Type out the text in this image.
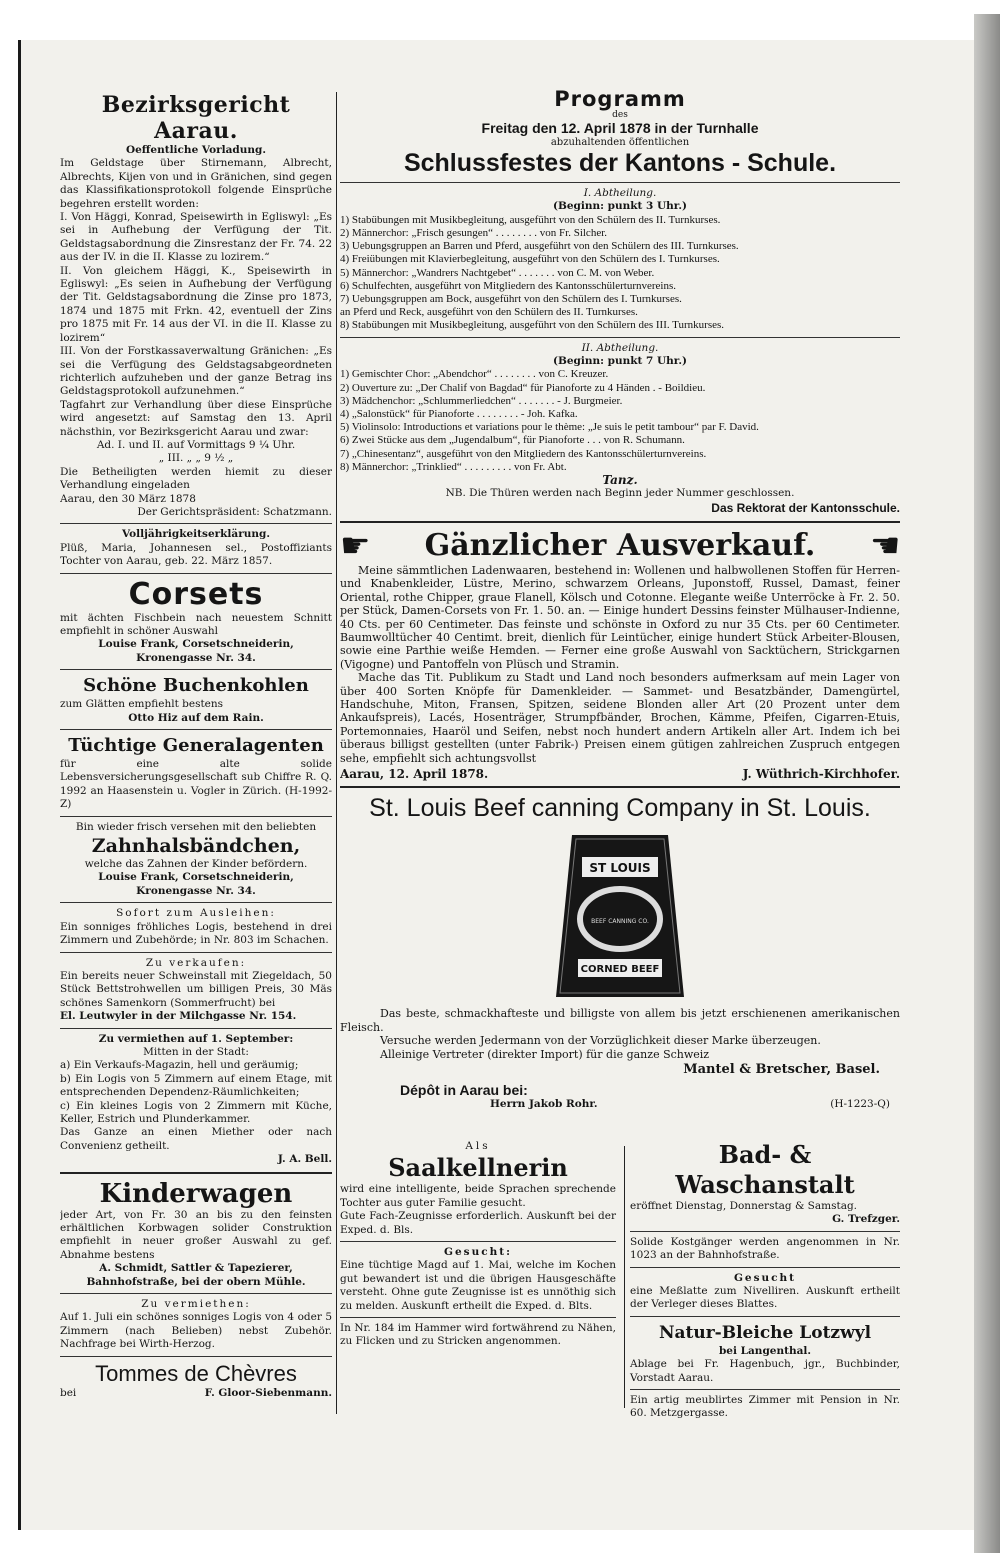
Bezirksgericht Aarau.

Oeffentliche Vorladung.

Im Geldstage über Stirnemann, Albrecht, Albrechts, Kijen von und in Gränichen, sind gegen das Klassifikationsprotokoll folgende Einsprüche begehren erstellt worden:

I. Von Häggi, Konrad, Speisewirth in Egliswyl: „Es sei in Aufhebung der Verfügung der Tit. Geldstagsabordnung die Zinsrestanz der Fr. 74. 22 aus der IV. in die II. Klasse zu lozirem.“

II. Von gleichem Häggi, K., Speisewirth in Egliswyl: „Es seien in Aufhebung der Verfügung der Tit. Geldstagsabordnung die Zinse pro 1873, 1874 und 1875 mit Frkn. 42, eventuell der Zins pro 1875 mit Fr. 14 aus der VI. in die II. Klasse zu lozirem“

III. Von der Forstkassaverwaltung Gränichen: „Es sei die Verfügung des Geldstagsabgeordneten richterlich aufzuheben und der ganze Betrag ins Geldstagsprotokoll aufzunehmen.“

Tagfahrt zur Verhandlung über diese Einsprüche wird angesetzt: auf Samstag den 13. April nächsthin, vor Bezirksgericht Aarau und zwar:

Ad. I. und II. auf Vormittags 9 ¼ Uhr.

„ III. „ „ 9 ½ „

Die Betheiligten werden hiemit zu dieser Verhandlung eingeladen

Aarau, den 30 März 1878

Der Gerichtspräsident: Schatzmann.

Volljährigkeitserklärung.

Plüß, Maria, Johannesen sel., Postoffiziants Tochter von Aarau, geb. 22. März 1857.

Corsets

mit ächten Fischbein nach neuestem Schnitt empfiehlt in schöner Auswahl

Louise Frank, Corsetschneiderin, Kronengasse Nr. 34.

Schöne Buchenkohlen

zum Glätten empfiehlt bestens

Otto Hiz auf dem Rain.

Tüchtige Generalagenten

für eine alte solide Lebensversicherungsgesellschaft sub Chiffre R. Q. 1992 an Haasenstein u. Vogler in Zürich. (H-1992-Z)

Bin wieder frisch versehen mit den beliebten

Zahnhalsbändchen,

welche das Zahnen der Kinder befördern.

Louise Frank, Corsetschneiderin, Kronengasse Nr. 34.

Sofort zum Ausleihen:

Ein sonniges fröhliches Logis, bestehend in drei Zimmern und Zubehörde; in Nr. 803 im Schachen.

Zu verkaufen:

Ein bereits neuer Schweinstall mit Ziegeldach, 50 Stück Bettstrohwellen um billigen Preis, 30 Mäs schönes Samenkorn (Sommerfrucht) bei

El. Leutwyler in der Milchgasse Nr. 154.

Zu vermiethen auf 1. September:

Mitten in der Stadt:

a) Ein Verkaufs-Magazin, hell und geräumig;

b) Ein Logis von 5 Zimmern auf einem Etage, mit entsprechenden Dependenz-Räumlichkeiten;

c) Ein kleines Logis von 2 Zimmern mit Küche, Keller, Estrich und Plunderkammer.

Das Ganze an einen Miether oder nach Convenienz getheilt.

J. A. Bell.

Kinderwagen

jeder Art, von Fr. 30 an bis zu den feinsten erhältlichen Korbwagen solider Construktion empfiehlt in neuer großer Auswahl zu gef. Abnahme bestens

A. Schmidt, Sattler & Tapezierer, Bahnhofstraße, bei der obern Mühle.

Zu vermiethen:

Auf 1. Juli ein schönes sonniges Logis von 4 oder 5 Zimmern (nach Belieben) nebst Zubehör. Nachfrage bei Wirth-Herzog.

Tommes de Chèvres

bei	F. Gloor-Siebenmann.

Programm

des

Freitag den 12. April 1878 in der Turnhalle

abzuhaltenden öffentlichen

Schlussfestes der Kantons - Schule.

I. Abtheilung.

(Beginn: punkt 3 Uhr.)

1) Stabübungen mit Musikbegleitung, ausgeführt von den Schülern des II. Turnkurses.
2) Männerchor: „Frisch gesungen“ . . . . . . . . von Fr. Silcher.
3) Uebungsgruppen an Barren und Pferd, ausgeführt von den Schülern des III. Turnkurses.
4) Freiübungen mit Klavierbegleitung, ausgeführt von den Schülern des I. Turnkurses.
5) Männerchor: „Wandrers Nachtgebet“ . . . . . . . von C. M. von Weber.
6) Schulfechten, ausgeführt von Mitgliedern des Kantonsschülerturnvereins.
7) Uebungsgruppen am Bock, ausgeführt von den Schülern des I. Turnkurses.
an Pferd und Reck, ausgeführt von den Schülern des II. Turnkurses.
8) Stabübungen mit Musikbegleitung, ausgeführt von den Schülern des III. Turnkurses.

II. Abtheilung.

(Beginn: punkt 7 Uhr.)

1) Gemischter Chor: „Abendchor“ . . . . . . . . von C. Kreuzer.
2) Ouverture zu: „Der Chalif von Bagdad“ für Pianoforte zu 4 Händen . - Boildieu.
3) Mädchenchor: „Schlummerliedchen“ . . . . . . . - J. Burgmeier.
4) „Salonstück“ für Pianoforte . . . . . . . . - Joh. Kafka.
5) Violinsolo: Introductions et variations pour le thème: „Je suis le petit tambour“ par F. David.
6) Zwei Stücke aus dem „Jugendalbum“, für Pianoforte . . . von R. Schumann.
7) „Chinesentanz“, ausgeführt von den Mitgliedern des Kantonsschülerturnvereins.
8) Männerchor: „Trinklied“ . . . . . . . . . von Fr. Abt.

Tanz.

NB. Die Thüren werden nach Beginn jeder Nummer geschlossen.

Das Rektorat der Kantonsschule.

☛ Gänzlicher Ausverkauf. ☛

Meine sämmtlichen Ladenwaaren, bestehend in: Wollenen und halbwollenen Stoffen für Herren- und Knabenkleider, Lüstre, Merino, schwarzem Orleans, Juponstoff, Russel, Damast, feiner Oriental, rothe Chipper, graue Flanell, Kölsch und Cotonne. Elegante weiße Unterröcke à Fr. 2. 50. per Stück, Damen-Corsets von Fr. 1. 50. an. — Einige hundert Dessins feinster Mülhauser-Indienne, 40 Cts. per 60 Centimeter. Das feinste und schönste in Oxford zu nur 35 Cts. per 60 Centimeter. Baumwolltücher 40 Centimt. breit, dienlich für Leintücher, einige hundert Stück Arbeiter-Blousen, sowie eine Parthie weiße Hemden. — Ferner eine große Auswahl von Sacktüchern, Strickgarnen (Vigogne) und Pantoffeln von Plüsch und Stramin.

Mache das Tit. Publikum zu Stadt und Land noch besonders aufmerksam auf mein Lager von über 400 Sorten Knöpfe für Damenkleider. — Sammet- und Besatzbänder, Damengürtel, Handschuhe, Miton, Fransen, Spitzen, seidene Blonden aller Art (20 Prozent unter dem Ankaufspreis), Lacés, Hosenträger, Strumpfbänder, Brochen, Kämme, Pfeifen, Cigarren-Etuis, Portemonnaies, Haaröl und Seifen, nebst noch hundert andern Artikeln aller Art. Indem ich bei überaus billigst gestellten (unter Fabrik-) Preisen einem gütigen zahlreichen Zuspruch entgegen sehe, empfiehlt sich achtungsvollst

Aarau, 12. April 1878.	J. Wüthrich-Kirchhofer.

St. Louis Beef canning Company in St. Louis.

ST LOUIS
BEEF CANNING CO.
CORNED BEEF

Das beste, schmackhafteste und billigste von allem bis jetzt erschienenen amerikanischen Fleisch.

Versuche werden Jedermann von der Vorzüglichkeit dieser Marke überzeugen.

Alleinige Vertreter (direkter Import) für die ganze Schweiz

Mantel & Bretscher, Basel.

Dépôt in Aarau bei:
Herrn Jakob Rohr.	(H-1223-Q)

Als

Saalkellnerin

wird eine intelligente, beide Sprachen sprechende Tochter aus guter Familie gesucht.

Gute Fach-Zeugnisse erforderlich. Auskunft bei der Exped. d. Bls.

Gesucht:

Eine tüchtige Magd auf 1. Mai, welche im Kochen gut bewandert ist und die übrigen Hausgeschäfte versteht. Ohne gute Zeugnisse ist es unnöthig sich zu melden. Auskunft ertheilt die Exped. d. Blts.

In Nr. 184 im Hammer wird fortwährend zu Nähen, zu Flicken und zu Stricken angenommen.

Bad- & Waschanstalt

eröffnet Dienstag, Donnerstag & Samstag.

G. Trefzger.

Solide Kostgänger werden angenommen in Nr. 1023 an der Bahnhofstraße.

Gesucht

eine Meßlatte zum Nivelliren. Auskunft ertheilt der Verleger dieses Blattes.

Natur-Bleiche Lotzwyl

bei Langenthal.

Ablage bei Fr. Hagenbuch, jgr., Buchbinder, Vorstadt Aarau.

Ein artig meublirtes Zimmer mit Pension in Nr. 60. Metzgergasse.
